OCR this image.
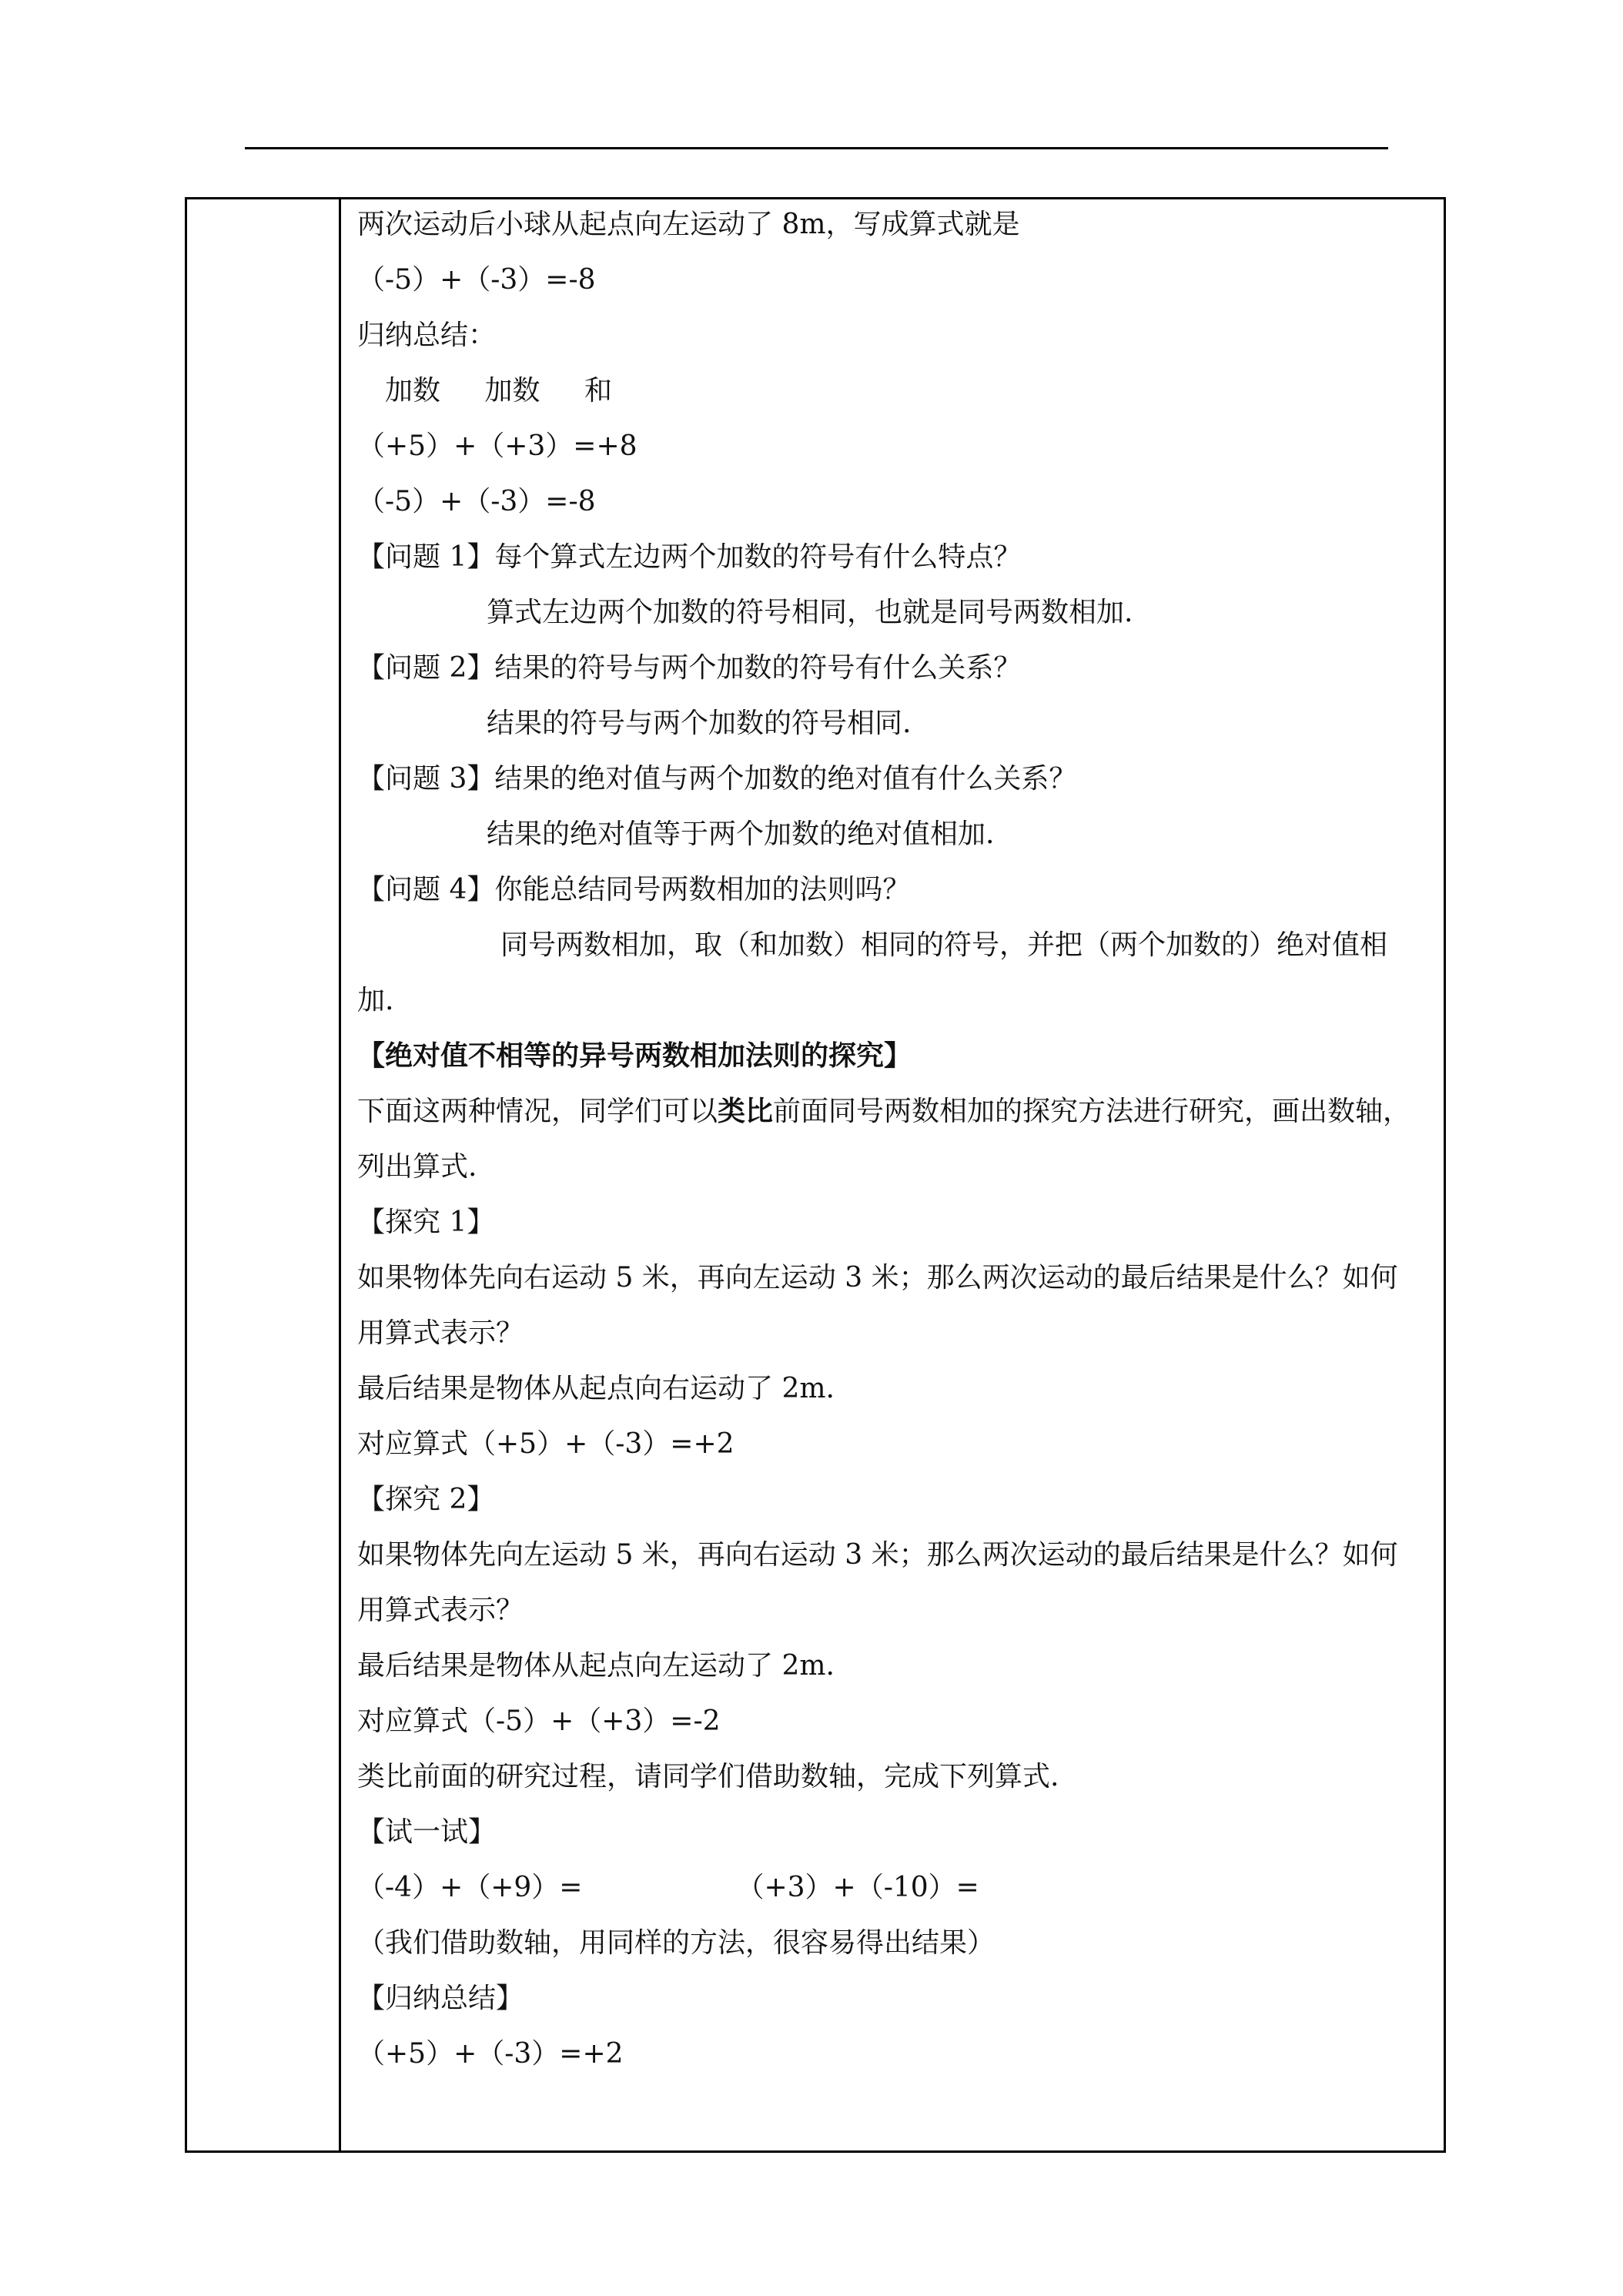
两次运动后小球从起点向左运动了 8m，写成算式就是
（-5）+（-3）=-8
归纳总结：
加数 加数 和
（+5）+（+3）=+8
（-5）+（-3）=-8
【问题 1】每个算式左边两个加数的符号有什么特点？
算式左边两个加数的符号相同，也就是同号两数相加.
【问题 2】结果的符号与两个加数的符号有什么关系？
结果的符号与两个加数的符号相同.
【问题 3】结果的绝对值与两个加数的绝对值有什么关系？
结果的绝对值等于两个加数的绝对值相加.
【问题 4】你能总结同号两数相加的法则吗？
同号两数相加，取（和加数）相同的符号，并把（两个加数的）绝对值相
加.
【绝对值不相等的异号两数相加法则的探究】
下面这两种情况，同学们可以类比前面同号两数相加的探究方法进行研究，画出数轴，
列出算式.
【探究 1】
如果物体先向右运动 5 米，再向左运动 3 米；那么两次运动的最后结果是什么？如何
用算式表示？
最后结果是物体从起点向右运动了 2m.
对应算式（+5）+（-3）=+2
【探究 2】
如果物体先向左运动 5 米，再向右运动 3 米；那么两次运动的最后结果是什么？如何
用算式表示？
最后结果是物体从起点向左运动了 2m.
对应算式（-5）+（+3）=-2
类比前面的研究过程，请同学们借助数轴，完成下列算式.
【试一试】
（-4）+（+9）=	（+3）+（-10）=
（我们借助数轴，用同样的方法，很容易得出结果）
【归纳总结】
（+5）+（-3）=+2
